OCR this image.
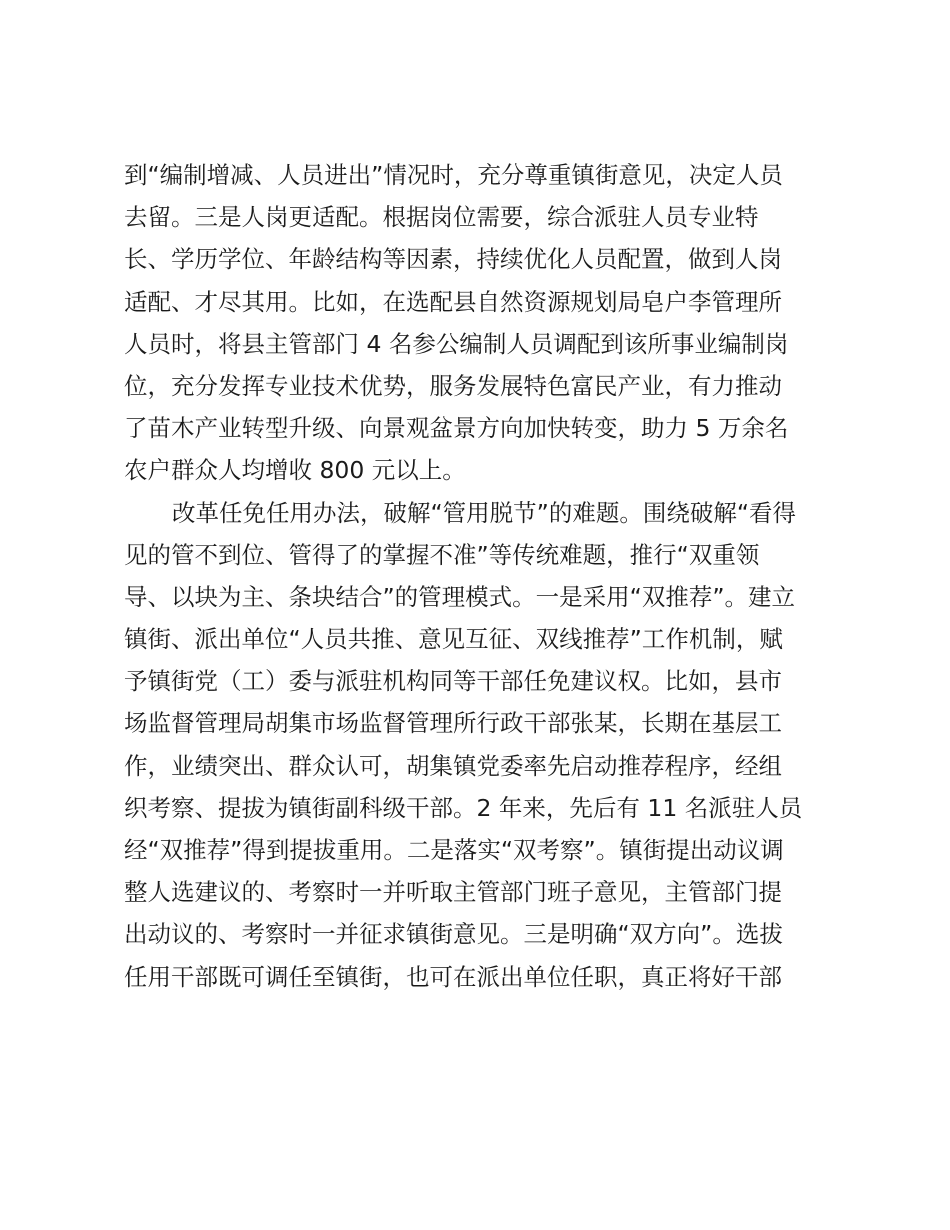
到“编制增减、人员进出”情况时，充分尊重镇街意见，决定人员
去留。三是人岗更适配。根据岗位需要，综合派驻人员专业特
长、学历学位、年龄结构等因素，持续优化人员配置，做到人岗
适配、才尽其用。比如，在选配县自然资源规划局皂户李管理所
人员时，将县主管部门 4 名参公编制人员调配到该所事业编制岗
位，充分发挥专业技术优势，服务发展特色富民产业，有力推动
了苗木产业转型升级、向景观盆景方向加快转变，助力 5 万余名
农户群众人均增收 800 元以上。
改革任免任用办法，破解“管用脱节”的难题。围绕破解“看得
见的管不到位、管得了的掌握不准”等传统难题，推行“双重领
导、以块为主、条块结合”的管理模式。一是采用“双推荐”。建立
镇街、派出单位“人员共推、意见互征、双线推荐”工作机制，赋
予镇街党（工）委与派驻机构同等干部任免建议权。比如，县市
场监督管理局胡集市场监督管理所行政干部张某，长期在基层工
作，业绩突出、群众认可，胡集镇党委率先启动推荐程序，经组
织考察、提拔为镇街副科级干部。2 年来，先后有 11 名派驻人员
经“双推荐”得到提拔重用。二是落实“双考察”。镇街提出动议调
整人选建议的、考察时一并听取主管部门班子意见，主管部门提
出动议的、考察时一并征求镇街意见。三是明确“双方向”。选拔
任用干部既可调任至镇街，也可在派出单位任职，真正将好干部
